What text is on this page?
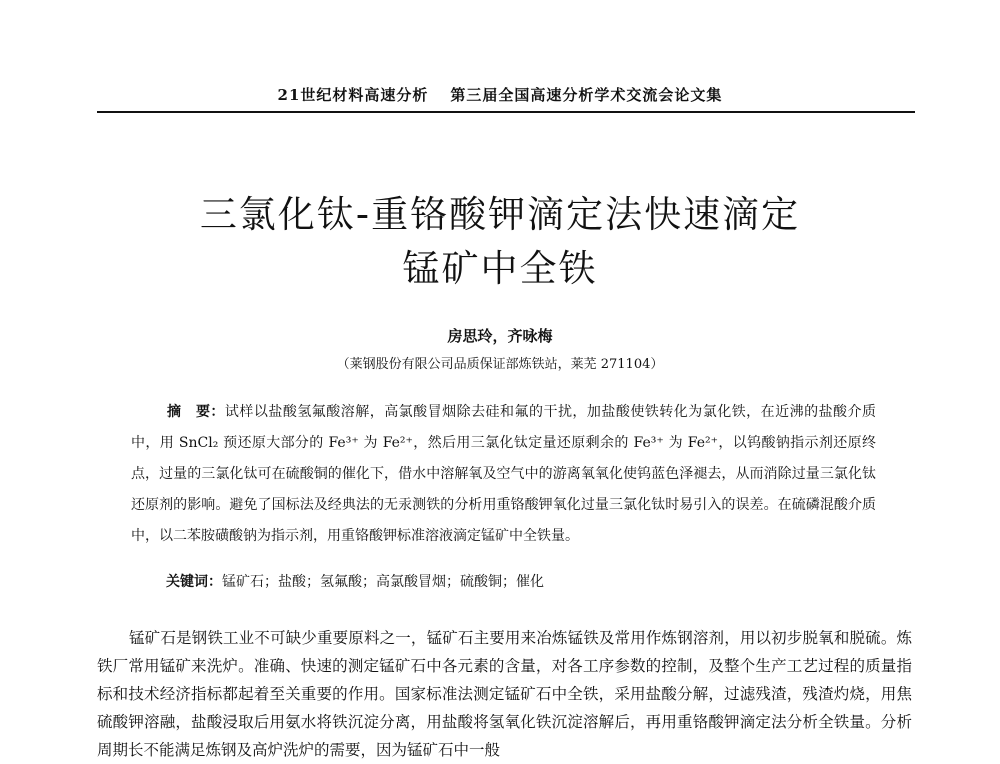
21世纪材料高速分析 第三届全国高速分析学术交流会论文集
三氯化钛-重铬酸钾滴定法快速滴定
锰矿中全铁
房思玲，齐咏梅
（莱钢股份有限公司品质保证部炼铁站，莱芜 271104）

摘　要：试样以盐酸氢氟酸溶解，高氯酸冒烟除去硅和氟的干扰，加盐酸使铁转化为氯化铁，在近沸的盐酸介质中，用 SnCl₂ 预还原大部分的 Fe³⁺ 为 Fe²⁺，然后用三氯化钛定量还原剩余的 Fe³⁺ 为 Fe²⁺，以钨酸钠指示剂还原终点，过量的三氯化钛可在硫酸铜的催化下，借水中溶解氧及空气中的游离氧氧化使钨蓝色泽褪去，从而消除过量三氯化钛还原剂的影响。避免了国标法及经典法的无汞测铁的分析用重铬酸钾氧化过量三氯化钛时易引入的误差。在硫磷混酸介质中，以二苯胺磺酸钠为指示剂，用重铬酸钾标准溶液滴定锰矿中全铁量。

关键词：锰矿石；盐酸；氢氟酸；高氯酸冒烟；硫酸铜；催化

锰矿石是钢铁工业不可缺少重要原料之一，锰矿石主要用来冶炼锰铁及常用作炼钢溶剂，用以初步脱氧和脱硫。炼铁厂常用锰矿来洗炉。准确、快速的测定锰矿石中各元素的含量，对各工序参数的控制，及整个生产工艺过程的质量指标和技术经济指标都起着至关重要的作用。国家标准法测定锰矿石中全铁，采用盐酸分解，过滤残渣，残渣灼烧，用焦硫酸钾溶融，盐酸浸取后用氨水将铁沉淀分离，用盐酸将氢氧化铁沉淀溶解后，再用重铬酸钾滴定法分析全铁量。分析周期长不能满足炼钢及高炉洗炉的需要，因为锰矿石中一般
